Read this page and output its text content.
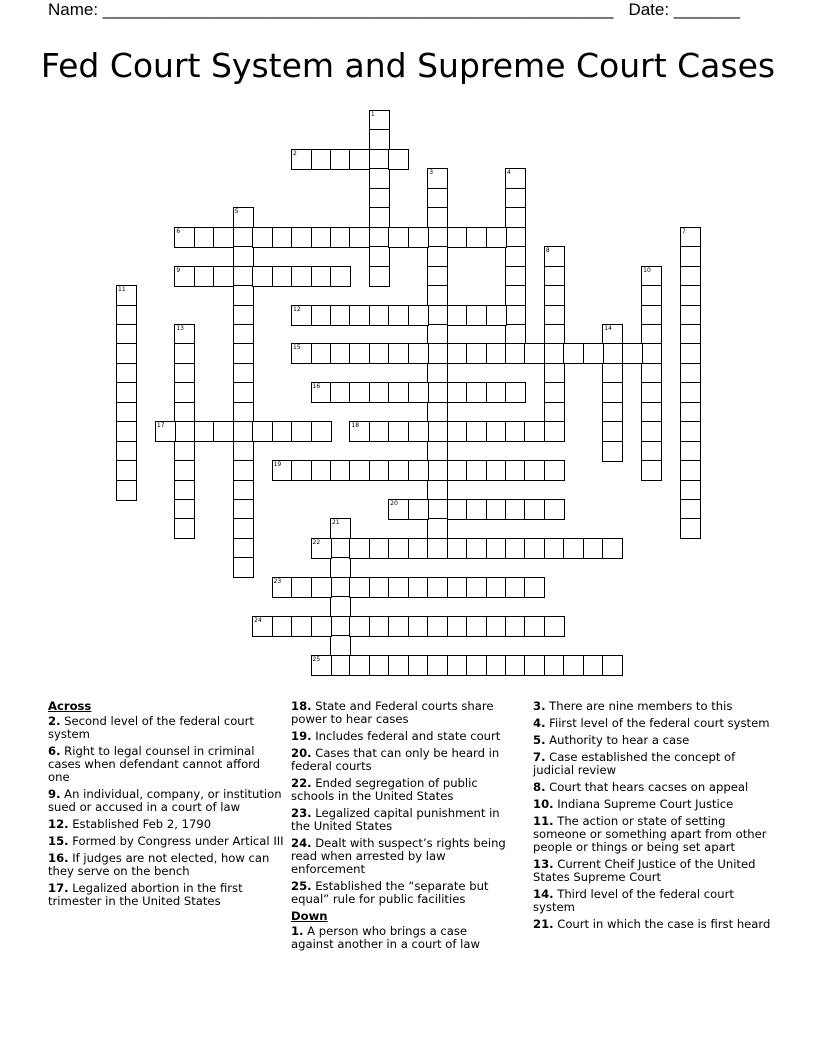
Name: ______________________________________________________ Date: _______
Fed Court System and Supreme Court Cases
1
2
3	4
5
6	7
8
9	10
11
12
13	14
15
16
17	18
19
20
21
22
23
24
25
Across
2. Second level of the federal court system
6. Right to legal counsel in criminal cases when defendant cannot afford one
9. An individual, company, or institution sued or accused in a court of law
12. Established Feb 2, 1790
15. Formed by Congress under Artical III
16. If judges are not elected, how can they serve on the bench
17. Legalized abortion in the first trimester in the United States
18. State and Federal courts share power to hear cases
19. Includes federal and state court
20. Cases that can only be heard in federal courts
22. Ended segregation of public schools in the United States
23. Legalized capital punishment in the United States
24. Dealt with suspect’s rights being read when arrested by law enforcement
25. Established the “separate but equal” rule for public facilities
Down
1. A person who brings a case against another in a court of law
3. There are nine members to this
4. Fiirst level of the federal court system
5. Authority to hear a case
7. Case established the concept of judicial review
8. Court that hears cacses on appeal
10. Indiana Supreme Court Justice
11. The action or state of setting someone or something apart from other people or things or being set apart
13. Current Cheif Justice of the United States Supreme Court
14. Third level of the federal court system
21. Court in which the case is first heard
